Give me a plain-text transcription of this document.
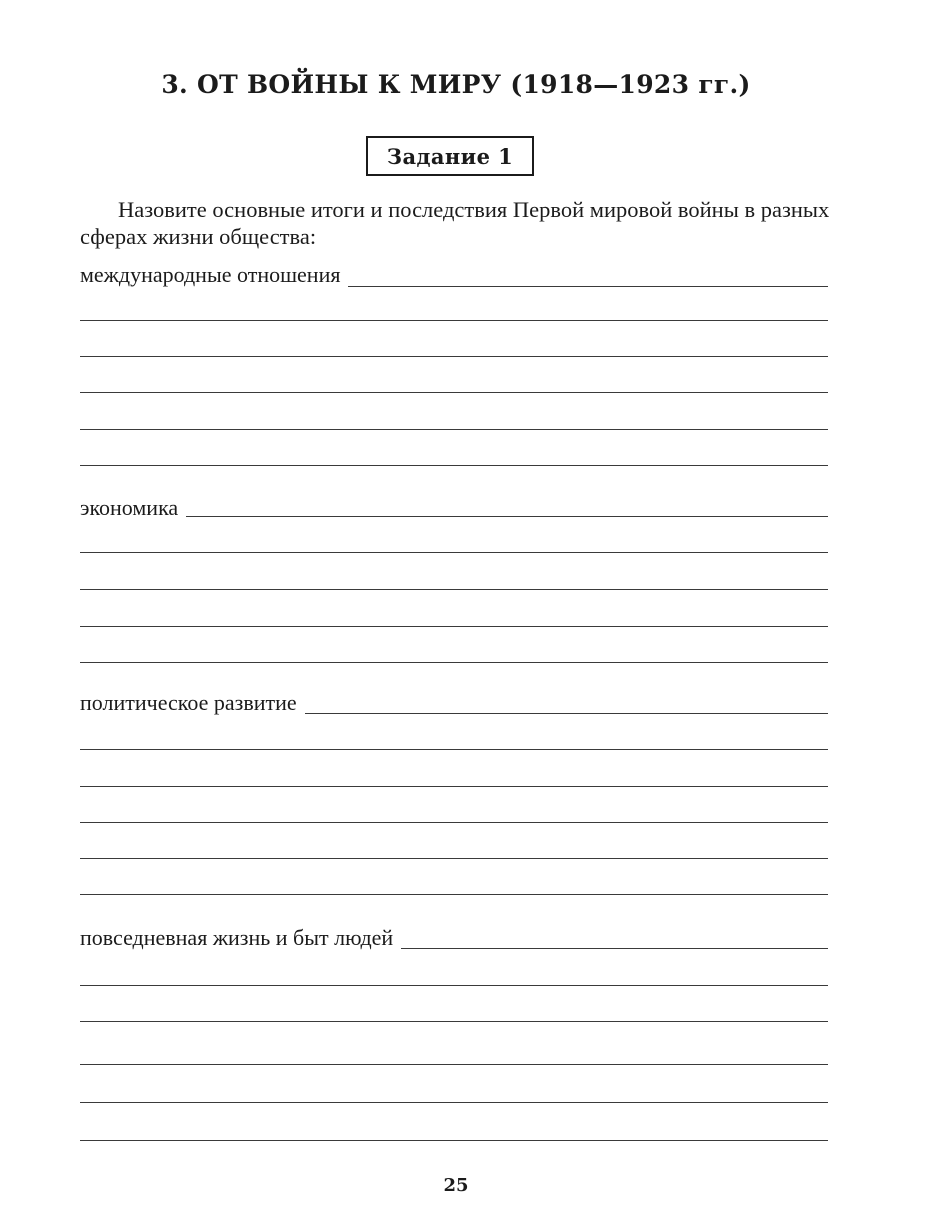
3. ОТ ВОЙНЫ К МИРУ (1918—1923 гг.)
Задание 1
Назовите основные итоги и последствия Первой мировой войны в разных сферах жизни общества:
международные отношения
экономика
политическое развитие
повседневная жизнь и быт людей
25
